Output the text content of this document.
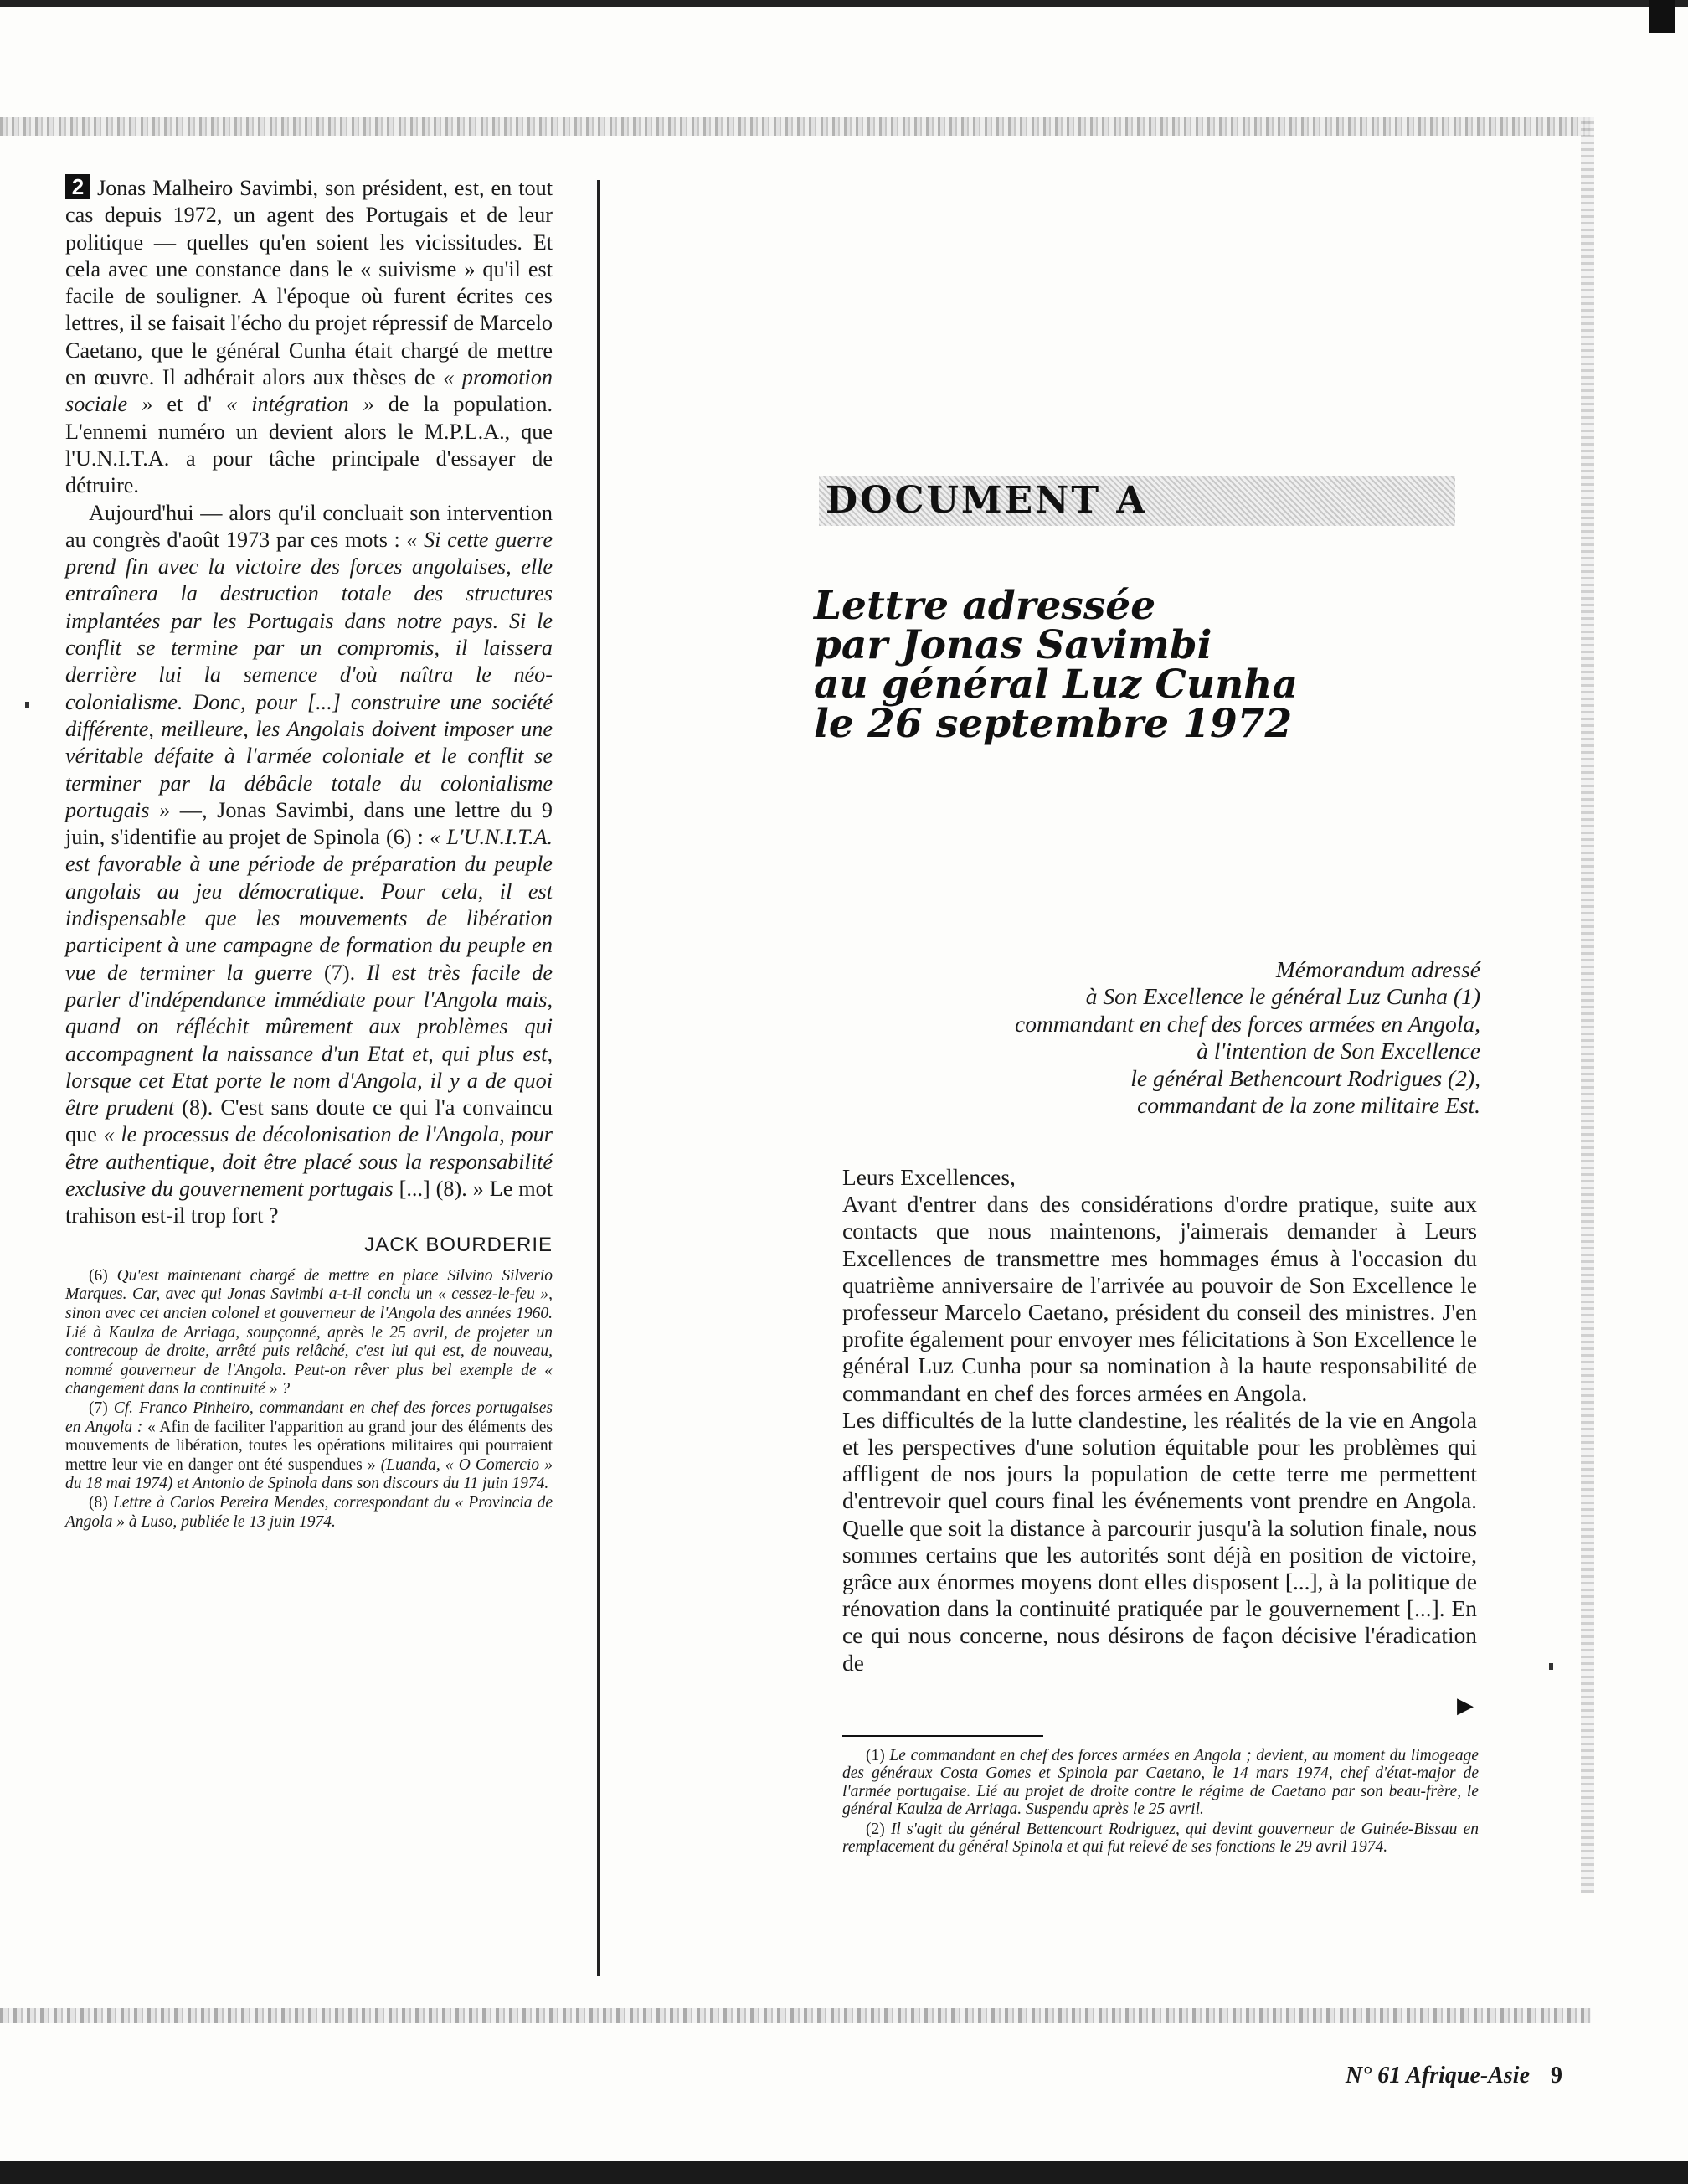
2 Jonas Malheiro Savimbi, son président, est, en tout cas depuis 1972, un agent des Portugais et de leur politique — quelles qu'en soient les vicissitudes. Et cela avec une constance dans le « suivisme » qu'il est facile de souligner. A l'époque où furent écrites ces lettres, il se faisait l'écho du projet répressif de Marcelo Caetano, que le général Cunha était chargé de mettre en œuvre. Il adhérait alors aux thèses de « promotion sociale » et d' « intégration » de la population. L'ennemi numéro un devient alors le M.P.L.A., que l'U.N.I.T.A. a pour tâche principale d'essayer de détruire.

Aujourd'hui — alors qu'il concluait son intervention au congrès d'août 1973 par ces mots : « Si cette guerre prend fin avec la victoire des forces angolaises, elle entraînera la destruction totale des structures implantées par les Portugais dans notre pays. Si le conflit se termine par un compromis, il laissera derrière lui la semence d'où naîtra le néo-colonialisme. Donc, pour [...] construire une société différente, meilleure, les Angolais doivent imposer une véritable défaite à l'armée coloniale et le conflit se terminer par la débâcle totale du colonialisme portugais » —, Jonas Savimbi, dans une lettre du 9 juin, s'identifie au projet de Spinola (6) : « L'U.N.I.T.A. est favorable à une période de préparation du peuple angolais au jeu démocratique. Pour cela, il est indispensable que les mouvements de libération participent à une campagne de formation du peuple en vue de terminer la guerre (7). Il est très facile de parler d'indépendance immédiate pour l'Angola mais, quand on réfléchit mûrement aux problèmes qui accompagnent la naissance d'un Etat et, qui plus est, lorsque cet Etat porte le nom d'Angola, il y a de quoi être prudent (8). C'est sans doute ce qui l'a convaincu que « le processus de décolonisation de l'Angola, pour être authentique, doit être placé sous la responsabilité exclusive du gouvernement portugais [...] (8). » Le mot trahison est-il trop fort ?

JACK BOURDERIE

(6) Qu'est maintenant chargé de mettre en place Silvino Silverio Marques. Car, avec qui Jonas Savimbi a-t-il conclu un « cessez-le-feu », sinon avec cet ancien colonel et gouverneur de l'Angola des années 1960. Lié à Kaulza de Arriaga, soupçonné, après le 25 avril, de projeter un contrecoup de droite, arrêté puis relâché, c'est lui qui est, de nouveau, nommé gouverneur de l'Angola. Peut-on rêver plus bel exemple de « changement dans la continuité » ?

(7) Cf. Franco Pinheiro, commandant en chef des forces portugaises en Angola : « Afin de faciliter l'apparition au grand jour des éléments des mouvements de libération, toutes les opérations militaires qui pourraient mettre leur vie en danger ont été suspendues » (Luanda, « O Comercio » du 18 mai 1974) et Antonio de Spinola dans son discours du 11 juin 1974.

(8) Lettre à Carlos Pereira Mendes, correspondant du « Provincia de Angola » à Luso, publiée le 13 juin 1974.

DOCUMENT A
Lettre adressée
par Jonas Savimbi
au général Luz Cunha
le 26 septembre 1972
Mémorandum adressé
à Son Excellence le général Luz Cunha (1)
commandant en chef des forces armées en Angola,
à l'intention de Son Excellence
le général Bethencourt Rodrigues (2),
commandant de la zone militaire Est.

Leurs Excellences,

Avant d'entrer dans des considérations d'ordre pratique, suite aux contacts que nous maintenons, j'aimerais demander à Leurs Excellences de transmettre mes hommages émus à l'occasion du quatrième anniversaire de l'arrivée au pouvoir de Son Excellence le professeur Marcelo Caetano, président du conseil des ministres. J'en profite également pour envoyer mes félicitations à Son Excellence le général Luz Cunha pour sa nomination à la haute responsabilité de commandant en chef des forces armées en Angola.

Les difficultés de la lutte clandestine, les réalités de la vie en Angola et les perspectives d'une solution équitable pour les problèmes qui affligent de nos jours la population de cette terre me permettent d'entrevoir quel cours final les événements vont prendre en Angola. Quelle que soit la distance à parcourir jusqu'à la solution finale, nous sommes certains que les autorités sont déjà en position de victoire, grâce aux énormes moyens dont elles disposent [...], à la politique de rénovation dans la continuité pratiquée par le gouvernement [...]. En ce qui nous concerne, nous désirons de façon décisive l'éradication de

▶

(1) Le commandant en chef des forces armées en Angola ; devient, au moment du limogeage des généraux Costa Gomes et Spinola par Caetano, le 14 mars 1974, chef d'état-major de l'armée portugaise. Lié au projet de droite contre le régime de Caetano par son beau-frère, le général Kaulza de Arriaga. Suspendu après le 25 avril.

(2) Il s'agit du général Bettencourt Rodriguez, qui devint gouverneur de Guinée-Bissau en remplacement du général Spinola et qui fut relevé de ses fonctions le 29 avril 1974.

N° 61 Afrique-Asie 9
